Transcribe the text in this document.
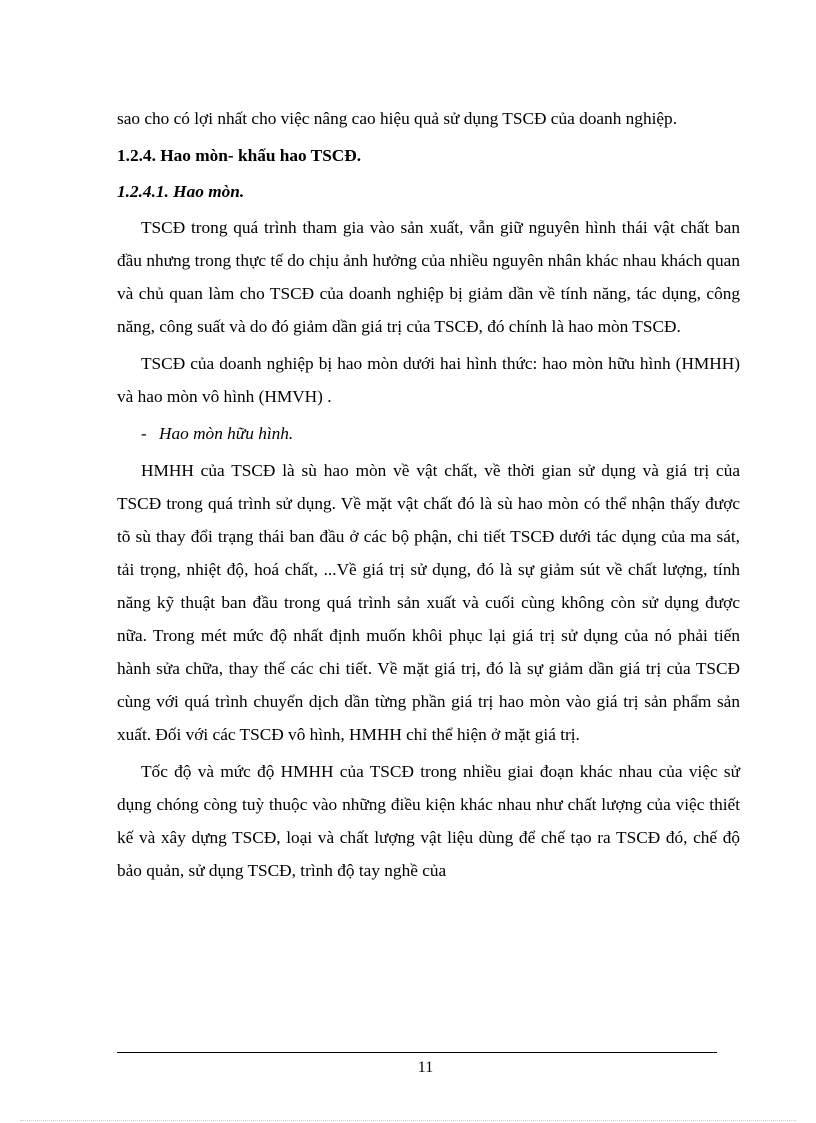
sao cho có lợi nhất cho việc nâng cao hiệu quả sử dụng TSCĐ của doanh nghiệp.

1.2.4. Hao mòn- khấu hao TSCĐ.

1.2.4.1. Hao mòn.

TSCĐ trong quá trình tham gia vào sản xuất, vẫn giữ nguyên hình thái vật chất ban đầu nhưng trong thực tế do chịu ảnh hưởng của nhiều nguyên nhân khác nhau khách quan và chủ quan làm cho TSCĐ của doanh nghiệp bị giảm dần về tính năng, tác dụng, công năng, công suất và do đó giảm dần giá trị của TSCĐ, đó chính là hao mòn TSCĐ.

TSCĐ của doanh nghiệp bị hao mòn dưới hai hình thức: hao mòn hữu hình (HMHH) và hao mòn vô hình (HMVH) .

- Hao mòn hữu hình.

HMHH của TSCĐ là sù hao mòn về vật chất, về thời gian sử dụng và giá trị của TSCĐ trong quá trình sử dụng. Về mặt vật chất đó là sù hao mòn có thể nhận thấy được tõ sù thay đổi trạng thái ban đầu ở các bộ phận, chi tiết TSCĐ dưới tác dụng của ma sát, tải trọng, nhiệt độ, hoá chất, ...Về giá trị sử dụng, đó là sự giảm sút về chất lượng, tính năng kỹ thuật ban đầu trong quá trình sản xuất và cuối cùng không còn sử dụng được nữa. Trong mét mức độ nhất định muốn khôi phục lại giá trị sử dụng của nó phải tiến hành sửa chữa, thay thế các chi tiết. Về mặt giá trị, đó là sự giảm dần giá trị của TSCĐ cùng với quá trình chuyển dịch dần từng phần giá trị hao mòn vào giá trị sản phẩm sản xuất. Đối với các TSCĐ vô hình, HMHH chỉ thể hiện ở mặt giá trị.

Tốc độ và mức độ HMHH của TSCĐ trong nhiều giai đoạn khác nhau của việc sử dụng chóng còng tuỳ thuộc vào những điều kiện khác nhau như chất lượng của việc thiết kế và xây dựng TSCĐ, loại và chất lượng vật liệu dùng để chế tạo ra TSCĐ đó, chế độ bảo quản, sử dụng TSCĐ, trình độ tay nghề của

11
